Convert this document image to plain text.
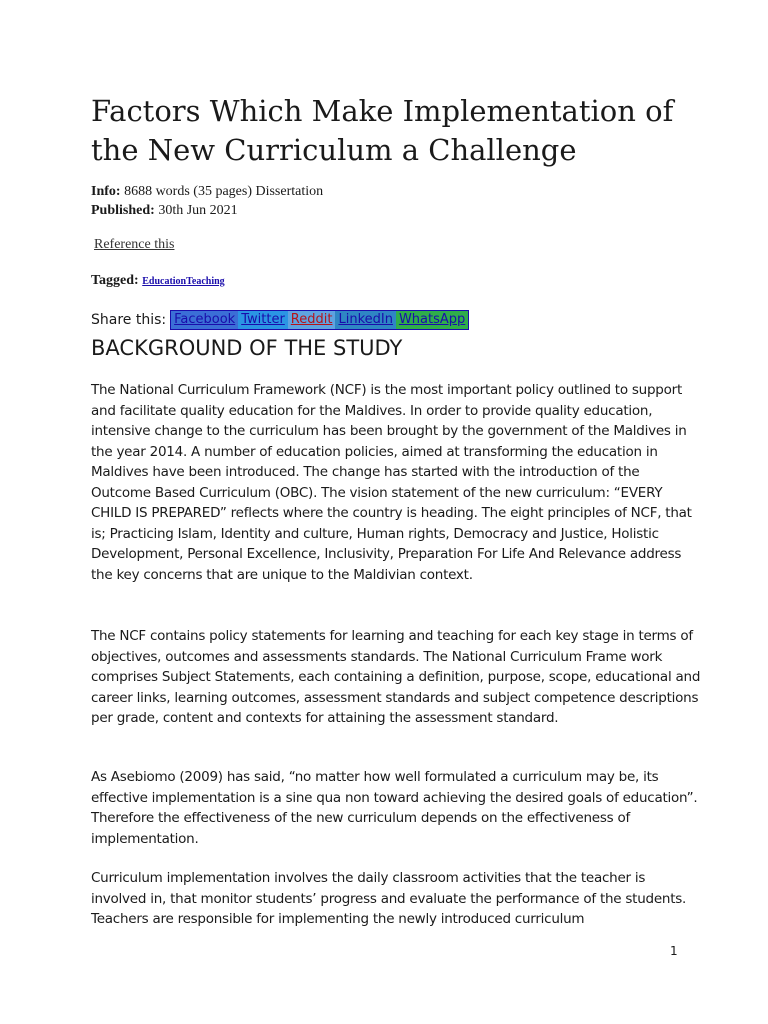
Factors Which Make Implementation of the New Curriculum a Challenge
Info: 8688 words (35 pages) Dissertation
Published: 30th Jun 2021
Reference this
Tagged: EducationTeaching
Share this: Facebook Twitter Reddit LinkedIn WhatsApp
BACKGROUND OF THE STUDY

The National Curriculum Framework (NCF) is the most important policy outlined to support and facilitate quality education for the Maldives. In order to provide quality education, intensive change to the curriculum has been brought by the government of the Maldives in the year 2014. A number of education policies, aimed at transforming the education in Maldives have been introduced. The change has started with the introduction of the Outcome Based Curriculum (OBC). The vision statement of the new curriculum: “EVERY CHILD IS PREPARED” reflects where the country is heading. The eight principles of NCF, that is; Practicing Islam, Identity and culture, Human rights, Democracy and Justice, Holistic Development, Personal Excellence, Inclusivity, Preparation For Life And Relevance address the key concerns that are unique to the Maldivian context.

The NCF contains policy statements for learning and teaching for each key stage in terms of objectives, outcomes and assessments standards. The National Curriculum Frame work comprises Subject Statements, each containing a definition, purpose, scope, educational and career links, learning outcomes, assessment standards and subject competence descriptions per grade, content and contexts for attaining the assessment standard.

As Asebiomo (2009) has said, “no matter how well formulated a curriculum may be, its effective implementation is a sine qua non toward achieving the desired goals of education”. Therefore the effectiveness of the new curriculum depends on the effectiveness of implementation.

Curriculum implementation involves the daily classroom activities that the teacher is involved in, that monitor students’ progress and evaluate the performance of the students. Teachers are responsible for implementing the newly introduced curriculum

1
